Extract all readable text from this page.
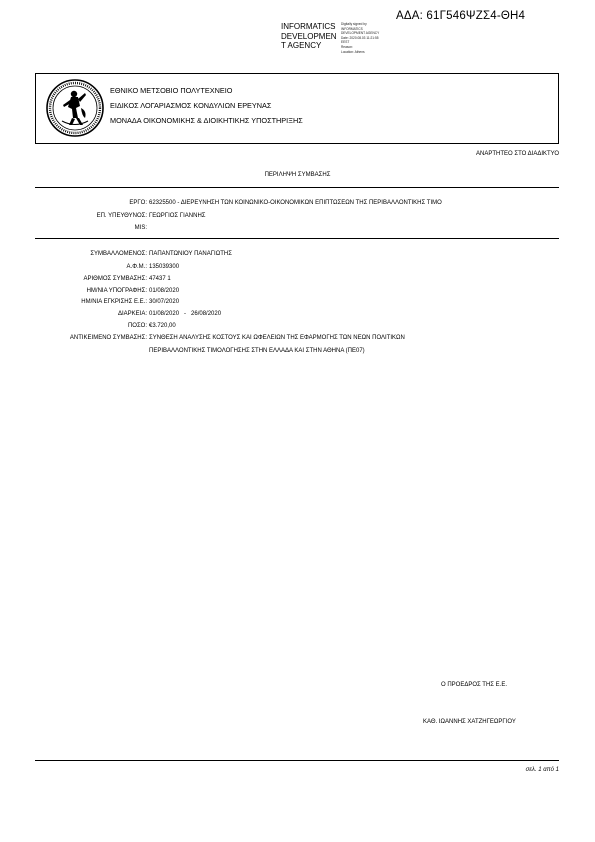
ΑΔΑ: 61Γ546ΨΖΣ4-ΘΗ4
INFORMATICS
DEVELOPMEN
T AGENCY
Digitally signed by
INFORMATICS
DEVELOPMENT AGENCY
Date: 2020.08.03 11:21:55
EEST
Reason:
Location: Athens
ΕΘΝΙΚΟ ΜΕΤΣΟΒΙΟ ΠΟΛΥΤΕΧΝΕΙΟ
ΕΙΔΙΚΟΣ ΛΟΓΑΡΙΑΣΜΟΣ ΚΟΝΔΥΛΙΩΝ ΕΡΕΥΝΑΣ
ΜΟΝΑΔΑ ΟΙΚΟΝΟΜΙΚΗΣ & ΔΙΟΙΚΗΤΙΚΗΣ ΥΠΟΣΤΗΡΙΞΗΣ
ΑΝΑΡΤΗΤΕΟ ΣΤΟ ΔΙΑΔΙΚΤΥΟ
ΠΕΡΙΛΗΨΗ ΣΥΜΒΑΣΗΣ
ΕΡΓΟ: 62325500 - ΔΙΕΡΕΥΝΗΣΗ ΤΩΝ ΚΟΙΝΩΝΙΚΟ-ΟΙΚΟΝΟΜΙΚΩΝ ΕΠΙΠΤΩΣΕΩΝ ΤΗΣ ΠΕΡΙΒΑΛΛΟΝΤΙΚΗΣ ΤΙΜΟ
ΕΠ. ΥΠΕΥΘΥΝΟΣ: ΓΕΩΡΓΙΟΣ ΓΙΑΝΝΗΣ
MIS:
ΣΥΜΒΑΛΛΟΜΕΝΟΣ: ΠΑΠΑΝΤΩΝΙΟΥ ΠΑΝΑΓΙΩΤΗΣ
Α.Φ.Μ.: 135039300
ΑΡΙΘΜΟΣ ΣΥΜΒΑΣΗΣ: 47437 1
ΗΜ/ΝΙΑ ΥΠΟΓΡΑΦΗΣ: 01/08/2020
ΗΜ/ΝΙΑ ΕΓΚΡΙΣΗΣ Ε.Ε.: 30/07/2020
ΔΙΑΡΚΕΙΑ: 01/08/2020   -   26/08/2020
ΠΟΣΟ: €3.720,00
ΑΝΤΙΚΕΙΜΕΝΟ ΣΥΜΒΑΣΗΣ: ΣΥΝΘΕΣΗ ΑΝΑΛΥΣΗΣ ΚΟΣΤΟΥΣ ΚΑΙ ΩΦΕΛΕΙΩΝ ΤΗΣ ΕΦΑΡΜΟΓΗΣ ΤΩΝ ΝΕΩΝ ΠΟΛΙΤΙΚΩΝ
ΠΕΡΙΒΑΛΛΟΝΤΙΚΗΣ ΤΙΜΟΛΟΓΗΣΗΣ ΣΤΗΝ ΕΛΛΑΔΑ ΚΑΙ ΣΤΗΝ ΑΘΗΝΑ (ΠΕ07)
Ο ΠΡΟΕΔΡΟΣ ΤΗΣ Ε.Ε.
ΚΑΘ. ΙΩΑΝΝΗΣ ΧΑΤΖΗΓΕΩΡΓΙΟΥ
σελ. 1 από 1
